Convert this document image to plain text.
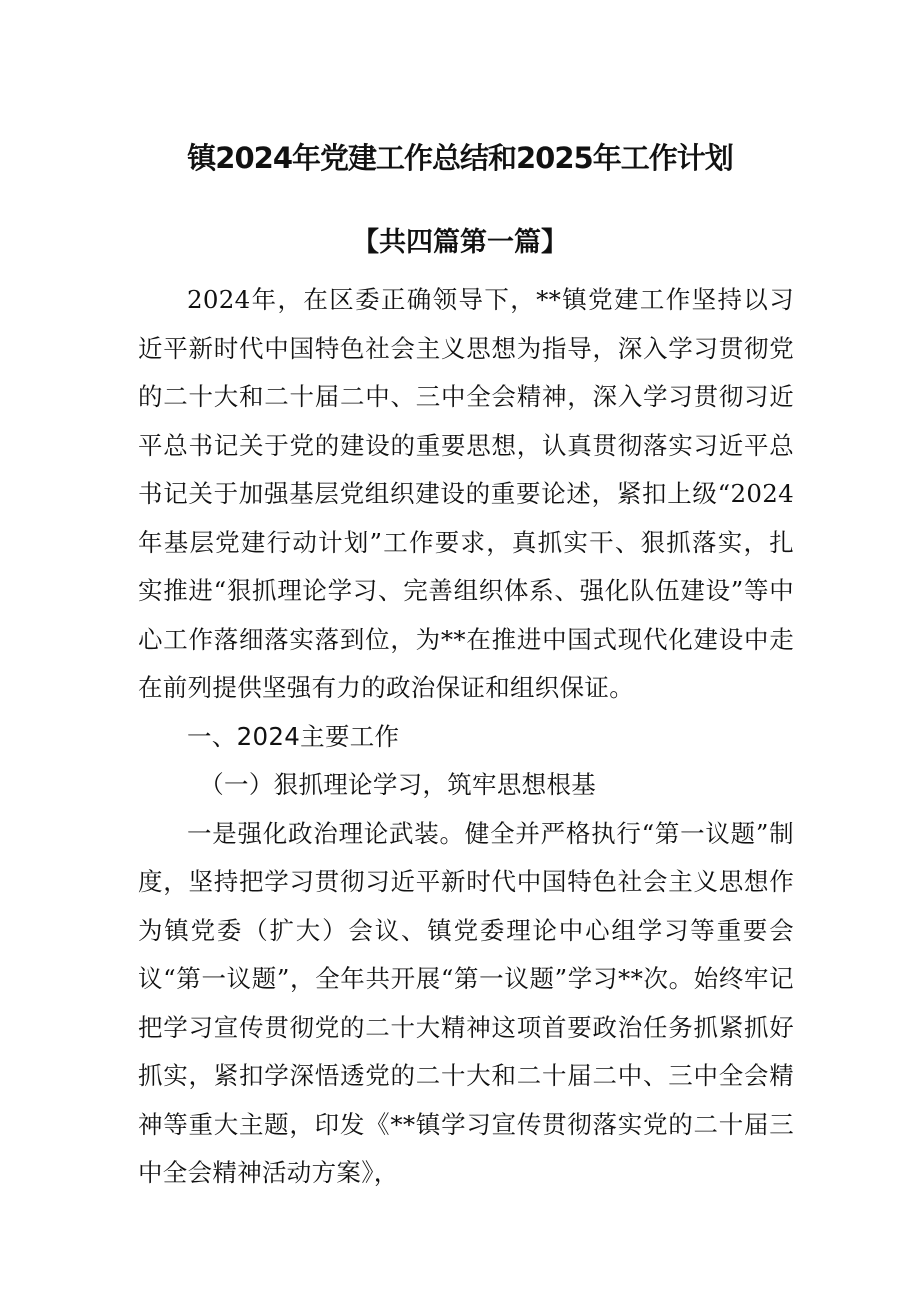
镇2024年党建工作总结和2025年工作计划
【共四篇第一篇】

2024年，在区委正确领导下，**镇党建工作坚持以习近平新时代中国特色社会主义思想为指导，深入学习贯彻党的二十大和二十届二中、三中全会精神，深入学习贯彻习近平总书记关于党的建设的重要思想，认真贯彻落实习近平总书记关于加强基层党组织建设的重要论述，紧扣上级“2024年基层党建行动计划”工作要求，真抓实干、狠抓落实，扎实推进“狠抓理论学习、完善组织体系、强化队伍建设”等中心工作落细落实落到位，为**在推进中国式现代化建设中走在前列提供坚强有力的政治保证和组织保证。

一、2024主要工作

（一）狠抓理论学习，筑牢思想根基

一是强化政治理论武装。健全并严格执行“第一议题”制度，坚持把学习贯彻习近平新时代中国特色社会主义思想作为镇党委（扩大）会议、镇党委理论中心组学习等重要会议“第一议题”，全年共开展“第一议题”学习**次。始终牢记把学习宣传贯彻党的二十大精神这项首要政治任务抓紧抓好抓实，紧扣学深悟透党的二十大和二十届二中、三中全会精神等重大主题，印发《**镇学习宣传贯彻落实党的二十届三中全会精神活动方案》，
